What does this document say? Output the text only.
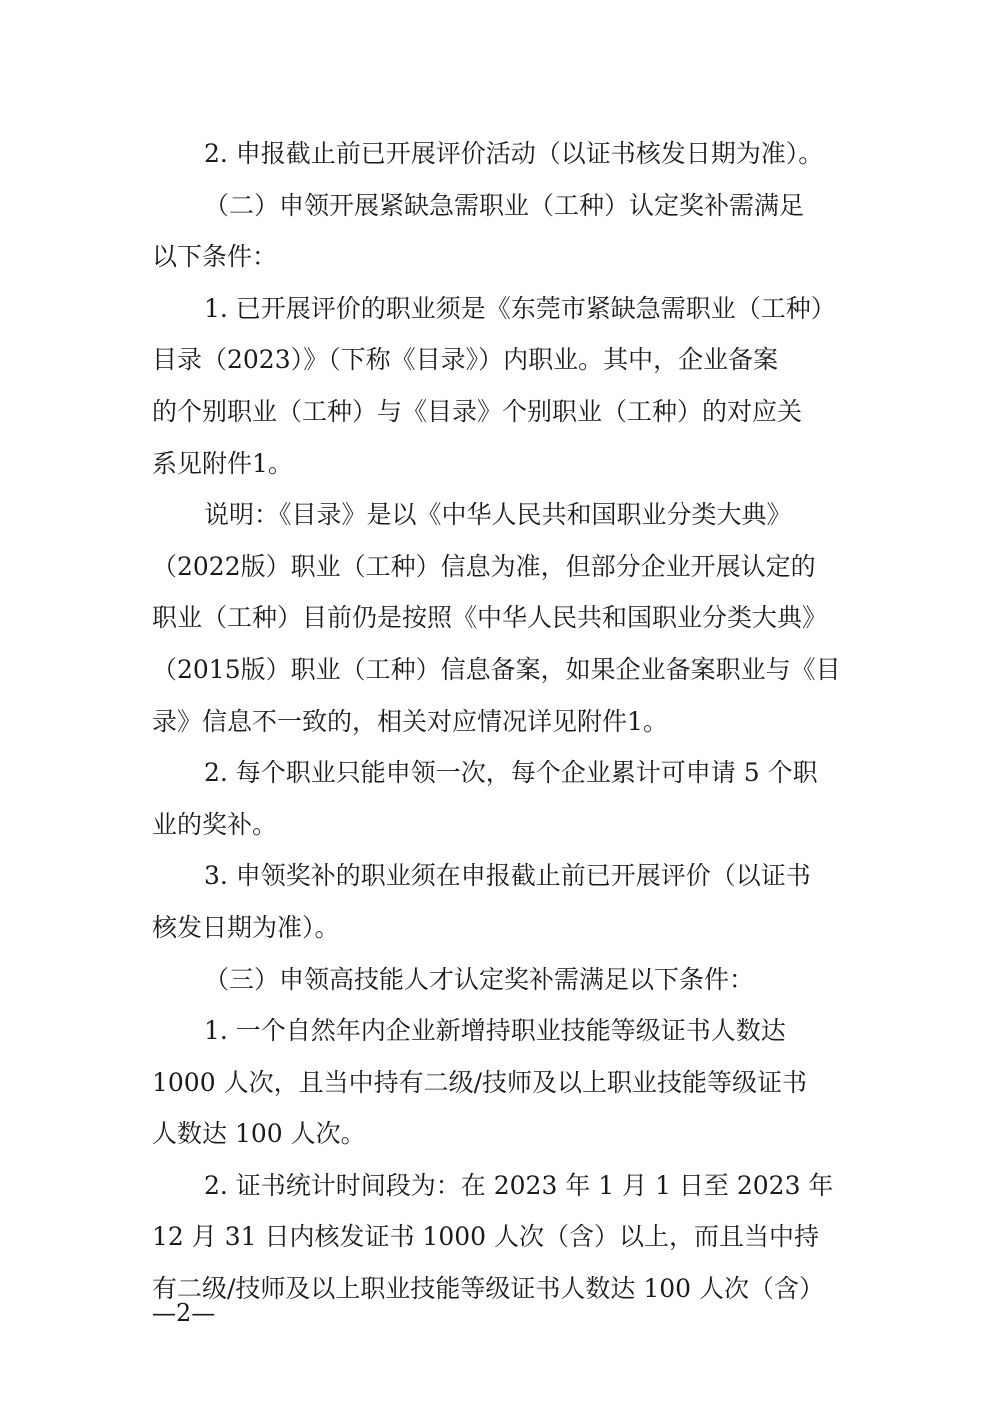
2. 申报截止前已开展评价活动（以证书核发日期为准）。
（二）申领开展紧缺急需职业（工种）认定奖补需满足
以下条件：
1. 已开展评价的职业须是《东莞市紧缺急需职业（工种）
目录（2023）》（下称《目录》）内职业。其中，企业备案
的个别职业（工种）与《目录》个别职业（工种）的对应关
系见附件1。
说明：《目录》是以《中华人民共和国职业分类大典》
（2022版）职业（工种）信息为准，但部分企业开展认定的
职业（工种）目前仍是按照《中华人民共和国职业分类大典》
（2015版）职业（工种）信息备案，如果企业备案职业与《目
录》信息不一致的，相关对应情况详见附件1。
2. 每个职业只能申领一次，每个企业累计可申请 5 个职
业的奖补。
3. 申领奖补的职业须在申报截止前已开展评价（以证书
核发日期为准）。
（三）申领高技能人才认定奖补需满足以下条件：
1. 一个自然年内企业新增持职业技能等级证书人数达
1000 人次，且当中持有二级/技师及以上职业技能等级证书
人数达 100 人次。
2. 证书统计时间段为：在 2023 年 1 月 1 日至 2023 年
12 月 31 日内核发证书 1000 人次（含）以上，而且当中持
有二级/技师及以上职业技能等级证书人数达 100 人次（含）
—2—
